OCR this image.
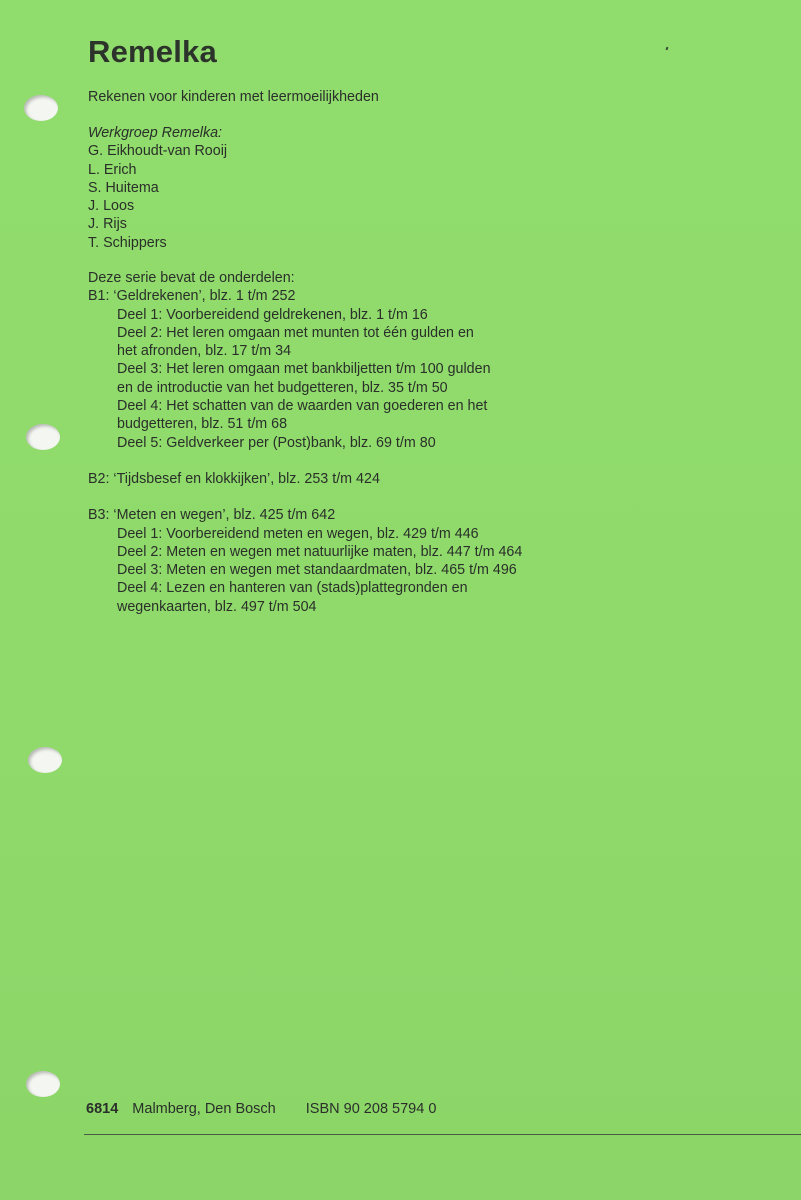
Remelka
Rekenen voor kinderen met leermoeilijkheden
Werkgroep Remelka:
G. Eikhoudt-van Rooij
L. Erich
S. Huitema
J. Loos
J. Rijs
T. Schippers
Deze serie bevat de onderdelen:
B1: ‘Geldrekenen’, blz. 1 t/m 252
Deel 1: Voorbereidend geldrekenen, blz. 1 t/m 16
Deel 2: Het leren omgaan met munten tot één gulden en
het afronden, blz. 17 t/m 34
Deel 3: Het leren omgaan met bankbiljetten t/m 100 gulden
en de introductie van het budgetteren, blz. 35 t/m 50
Deel 4: Het schatten van de waarden van goederen en het
budgetteren, blz. 51 t/m 68
Deel 5: Geldverkeer per (Post)bank, blz. 69 t/m 80
B2: ‘Tijdsbesef en klokkijken’, blz. 253 t/m 424
B3: ‘Meten en wegen’, blz. 425 t/m 642
Deel 1: Voorbereidend meten en wegen, blz. 429 t/m 446
Deel 2: Meten en wegen met natuurlijke maten, blz. 447 t/m 464
Deel 3: Meten en wegen met standaardmaten, blz. 465 t/m 496
Deel 4: Lezen en hanteren van (stads)plattegronden en
wegenkaarten, blz. 497 t/m 504
6814 Malmberg, Den Bosch ISBN 90 208 5794 0
